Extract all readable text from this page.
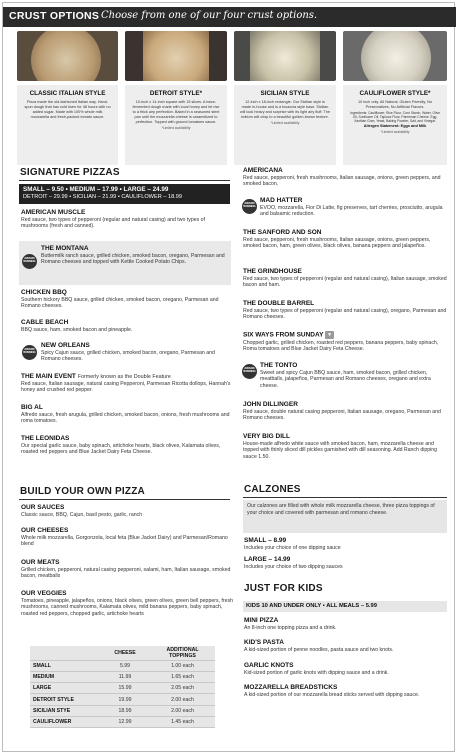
CRUST OPTIONS Choose from one of our four crust options.
CLASSIC ITALIAN STYLE
Pizza made the old-fashioned Italian way. Hand-spun dough that has cold risen for 48 hours with no added sugar. Made with 100% whole milk mozzarella and fresh-packed tomato sauce.
DETROIT STYLE*
10-inch x 14-inch square with 15 slices. A twice-fermented dough made with local honey and let rise to a thick airy perfection. Baked in a seasoned steel pan until the mozzarella cheese is caramelized to perfection. Topped with ground tomatoes sauce.
*Limited availability
SICILIAN STYLE
12-inch x 18-inch rectangle. Our Sicilian style is made in-house and is a focaccia style base. Sicilian will look heavy and surprise with its light airy fluff. The bottom will crisp to a beautiful golden-brown texture.
*Limited availability
CAULIFLOWER STYLE*
10 inch only. All Natural, Gluten Friendly, No Preservatives, No Artificial Flavors.
Ingredients: Cauliflower, Rice Flour, Corn Starch, Water, Olive Oil, Sunflower Oil, Tapioca Flour, Parmesan Cheese, Egg, Xanthan Gum, Yeast, Baking Powder, Salt, and Vinegar.
Allergen Statement: Eggs and Milk
*Limited availability
SIGNATURE PIZZAS
SMALL – 9.50 • MEDIUM – 17.99 • LARGE – 24.99
DETROIT – 29.99 • SICILIAN – 21.99 • CAULIFLOWER – 18.99
AMERICAN MUSCLE
Red sauce, two types of pepperoni (regular and natural casing) and two types of mushrooms (fresh and canned).
AWARD WINNING
THE MONTANA
Buttermilk ranch sauce, grilled chicken, smoked bacon, oregano, Parmesan and Romano cheeses and topped with Kettle Cooked Potato Chips.
CHICKEN BBQ
Southern hickory BBQ sauce, grilled chicken, smoked bacon, oregano, Parmesan and Romano cheeses.
CABLE BEACH
BBQ sauce, ham, smoked bacon and pineapple.
AWARD WINNING
NEW ORLEANS
Spicy Cajun sauce, grilled chicken, smoked bacon, oregano, Parmesan and Romano cheeses.
THE MAIN EVENT Formerly known as the Double Feature
Red sauce, Italian sausage, natural casing Pepperoni, Parmesan Ricotta dollops, Hannah's honey and crushed red pepper.
BIG AL
Alfredo sauce, fresh arugula, grilled chicken, smoked bacon, onions, fresh mushrooms and roma tomatoes.
THE LEONIDAS
Our special garlic sauce, baby spinach, artichoke hearts, black olives, Kalamata olives, roasted red peppers and Blue Jacket Dairy Feta Cheese.
AMERICANA
Red sauce, pepperoni, fresh mushrooms, Italian sausage, onions, green peppers, and smoked bacon.
AWARD WINNING
MAD HATTER
EVOO, mozzarella, Fior Di Latte, fig preserves, tart cherries, prosciutto, arugula and balsamic reduction.
THE SANFORD AND SON
Red sauce, pepperoni, fresh mushrooms, Italian sausage, onions, green peppers, smoked bacon, ham, green olives, black olives, banana peppers and jalapeños.
THE GRINDHOUSE
Red sauce, two types of pepperoni (regular and natural casing), Italian sausage, smoked bacon and ham.
THE DOUBLE BARREL
Red sauce, two types of pepperoni (regular and natural casing), oregano, Parmesan and Romano cheeses.
SIX WAYS FROM SUNDAY ▼
Chopped garlic, grilled chicken, roasted red peppers, banana peppers, baby spinach, Roma tomatoes and Blue Jacket Dairy Feta Cheese.
AWARD WINNING
THE TONTO
Sweet and spicy Cajun BBQ sauce, ham, smoked bacon, grilled chicken, meatballs, jalapeños, Parmesan and Romano cheeses, oregano and extra cheese.
JOHN DILLINGER
Red sauce, double natural casing pepperoni, Italian sausage, oregano, Parmesan and Romano cheeses.
VERY BIG DILL
House-made alfredo white sauce with smoked bacon, ham, mozzarella cheese and topped with thinly sliced dill pickles garnished with dill seasoning. Add Ranch dipping sauce 1.50.
BUILD YOUR OWN PIZZA
OUR SAUCES
Classic sauce, BBQ, Cajun, basil pesto, garlic, ranch
OUR CHEESES
Whole milk mozzarella, Gorgonzola, local feta (Blue Jacket Dairy) and Parmesan/Romano blend
OUR MEATS
Grilled chicken, pepperoni, natural casing pepperoni, salami, ham, Italian sausage, smoked bacon, meatballs
OUR VEGGIES
Tomatoes, pineapple, jalapeños, onions, black olives, green olives, green bell peppers, fresh mushrooms, canned mushrooms, Kalamata olives, mild banana peppers, baby spinach, roasted red peppers, chopped garlic, artichoke hearts
	CHEESE	ADDITIONAL TOPPINGS
SMALL	5.99	1.00 each
MEDIUM	11.99	1.65 each
LARGE	15.99	2.05 each
DETROIT STYLE	19.99	2.00 each
SICILIAN STYE	18.99	2.00 each
CAULIFLOWER	12.99	1.45 each
CALZONES
Our calzones are filled with whole milk mozzarella cheese, three pizza toppings of your choice and covered with parmesan and romano cheese.
SMALL – 8.99
Includes your choice of one dipping sauce
LARGE – 14.99
Includes your choice of two dipping sauces
JUST FOR KIDS
KIDS 10 AND UNDER ONLY • ALL MEALS – 5.99
MINI PIZZA
An 8-inch one topping pizza and a drink.
KID'S PASTA
A kid-sized portion of penne noodles, pasta sauce and two knots.
GARLIC KNOTS
Kid-sized portion of garlic knots with dipping sauce and a drink.
MOZZARELLA BREADSTICKS
A kid-sized portion of our mozzarella bread sticks served with dipping sauce.
